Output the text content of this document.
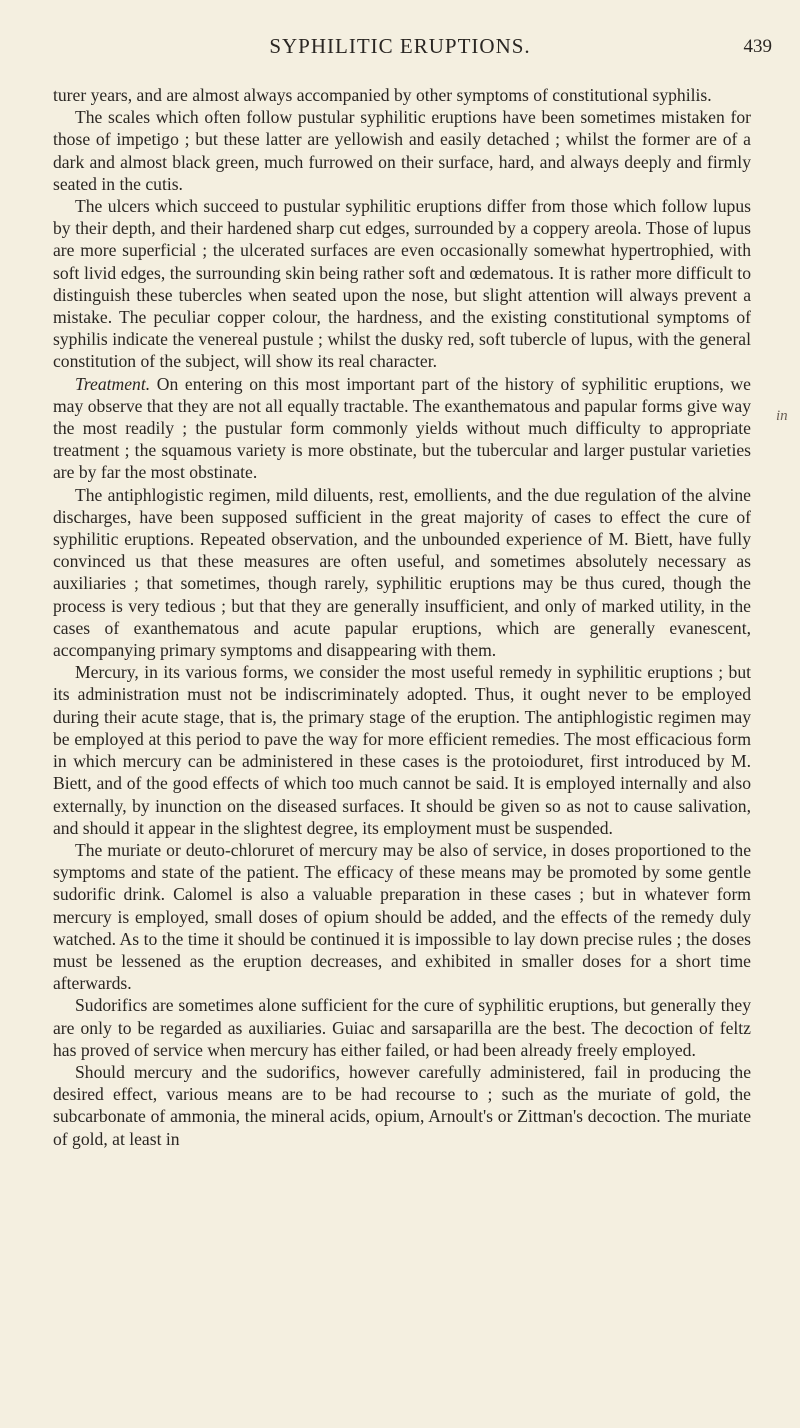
SYPHILITIC ERUPTIONS.	439

turer years, and are almost always accompanied by other symptoms of constitutional syphilis.

The scales which often follow pustular syphilitic eruptions have been sometimes mistaken for those of impetigo ; but these latter are yellowish and easily detached ; whilst the former are of a dark and almost black green, much furrowed on their surface, hard, and always deeply and firmly seated in the cutis.

The ulcers which succeed to pustular syphilitic eruptions differ from those which follow lupus by their depth, and their hardened sharp cut edges, surrounded by a coppery areola. Those of lupus are more superficial ; the ulcerated surfaces are even occasionally somewhat hypertrophied, with soft livid edges, the surrounding skin being rather soft and œdematous. It is rather more difficult to distinguish these tubercles when seated upon the nose, but slight attention will always prevent a mistake. The peculiar copper colour, the hardness, and the existing constitutional symptoms of syphilis indicate the venereal pustule ; whilst the dusky red, soft tubercle of lupus, with the general constitution of the subject, will show its real character.

Treatment. On entering on this most important part of the history of syphilitic eruptions, we may observe that they are not all equally tractable. The exanthematous and papular forms give way the most readily ; the pustular form commonly yields without much difficulty to appropriate treatment ; the squamous variety is more obstinate, but the tubercular and larger pustular varieties are by far the most obstinate.

The antiphlogistic regimen, mild diluents, rest, emollients, and the due regulation of the alvine discharges, have been supposed sufficient in the great majority of cases to effect the cure of syphilitic eruptions. Repeated observation, and the unbounded experience of M. Biett, have fully convinced us that these measures are often useful, and sometimes absolutely necessary as auxiliaries ; that sometimes, though rarely, syphilitic eruptions may be thus cured, though the process is very tedious ; but that they are generally insufficient, and only of marked utility, in the cases of exanthematous and acute papular eruptions, which are generally evanescent, accompanying primary symptoms and disappearing with them.

Mercury, in its various forms, we consider the most useful remedy in syphilitic eruptions ; but its administration must not be indiscriminately adopted. Thus, it ought never to be employed during their acute stage, that is, the primary stage of the eruption. The antiphlogistic regimen may be employed at this period to pave the way for more efficient remedies. The most efficacious form in which mercury can be administered in these cases is the protoioduret, first introduced by M. Biett, and of the good effects of which too much cannot be said. It is employed internally and also externally, by inunction on the diseased surfaces. It should be given so as not to cause salivation, and should it appear in the slightest degree, its employment must be suspended.

The muriate or deuto-chloruret of mercury may be also of service, in doses proportioned to the symptoms and state of the patient. The efficacy of these means may be promoted by some gentle sudorific drink. Calomel is also a valuable preparation in these cases ; but in whatever form mercury is employed, small doses of opium should be added, and the effects of the remedy duly watched. As to the time it should be continued it is impossible to lay down precise rules ; the doses must be lessened as the eruption decreases, and exhibited in smaller doses for a short time afterwards.

Sudorifics are sometimes alone sufficient for the cure of syphilitic eruptions, but generally they are only to be regarded as auxiliaries. Guiac and sarsaparilla are the best. The decoction of feltz has proved of service when mercury has either failed, or had been already freely employed.

Should mercury and the sudorifics, however carefully administered, fail in producing the desired effect, various means are to be had recourse to ; such as the muriate of gold, the subcarbonate of ammonia, the mineral acids, opium, Arnoult's or Zittman's decoction. The muriate of gold, at least in

in
